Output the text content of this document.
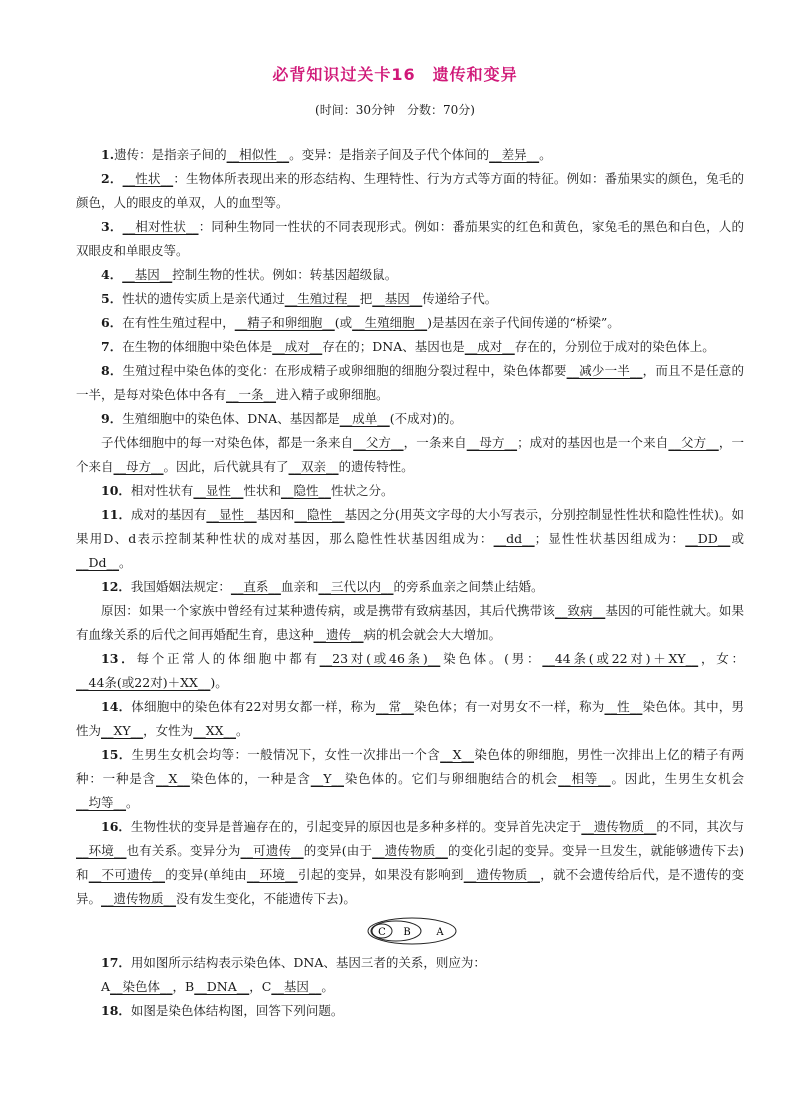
必背知识过关卡16　遗传和变异
(时间：30分钟　分数：70分)

1.遗传：是指亲子间的__相似性__。变异：是指亲子间及子代个体间的__差异__。

2．__性状__：生物体所表现出来的形态结构、生理特性、行为方式等方面的特征。例如：番茄果实的颜色，兔毛的颜色，人的眼皮的单双，人的血型等。

3．__相对性状__：同种生物同一性状的不同表现形式。例如：番茄果实的红色和黄色，家兔毛的黑色和白色，人的双眼皮和单眼皮等。

4．__基因__控制生物的性状。例如：转基因超级鼠。

5．性状的遗传实质上是亲代通过__生殖过程__把__基因__传递给子代。

6．在有性生殖过程中，__精子和卵细胞__(或__生殖细胞__)是基因在亲子代间传递的“桥梁”。

7．在生物的体细胞中染色体是__成对__存在的；DNA、基因也是__成对__存在的，分别位于成对的染色体上。

8．生殖过程中染色体的变化：在形成精子或卵细胞的细胞分裂过程中，染色体都要__减少一半__，而且不是任意的一半，是每对染色体中各有__一条__进入精子或卵细胞。

9．生殖细胞中的染色体、DNA、基因都是__成单__(不成对)的。

子代体细胞中的每一对染色体，都是一条来自__父方__，一条来自__母方__；成对的基因也是一个来自__父方__，一个来自__母方__。因此，后代就具有了__双亲__的遗传特性。

10．相对性状有__显性__性状和__隐性__性状之分。

11．成对的基因有__显性__基因和__隐性__基因之分(用英文字母的大小写表示，分别控制显性性状和隐性性状)。如果用D、d表示控制某种性状的成对基因，那么隐性性状基因组成为：__dd__；显性性状基因组成为：__DD__或__Dd__。

12．我国婚姻法规定：__直系__血亲和__三代以内__的旁系血亲之间禁止结婚。

原因：如果一个家族中曾经有过某种遗传病，或是携带有致病基因，其后代携带该__致病__基因的可能性就大。如果有血缘关系的后代之间再婚配生育，患这种__遗传__病的机会就会大大增加。

13．每个正常人的体细胞中都有__23对(或46条)__染色体。(男：__44条(或22对)＋XY__，女：__44条(或22对)＋XX__)。

14．体细胞中的染色体有22对男女都一样，称为__常__染色体；有一对男女不一样，称为__性__染色体。其中，男性为__XY__，女性为__XX__。

15．生男生女机会均等：一般情况下，女性一次排出一个含__X__染色体的卵细胞，男性一次排出上亿的精子有两种：一种是含__X__染色体的，一种是含__Y__染色体的。它们与卵细胞结合的机会__相等__。因此，生男生女机会__均等__。

16．生物性状的变异是普遍存在的，引起变异的原因也是多种多样的。变异首先决定于__遗传物质__的不同，其次与__环境__也有关系。变异分为__可遗传__的变异(由于__遗传物质__的变化引起的变异。变异一旦发生，就能够遗传下去)和__不可遗传__的变异(单纯由__环境__引起的变异，如果没有影响到__遗传物质__，就不会遗传给后代，是不遗传的变异。__遗传物质__没有发生变化，不能遗传下去)。

C B	A

17．用如图所示结构表示染色体、DNA、基因三者的关系，则应为：

A__染色体__，B__DNA__，C__基因__。

18．如图是染色体结构图，回答下列问题。
